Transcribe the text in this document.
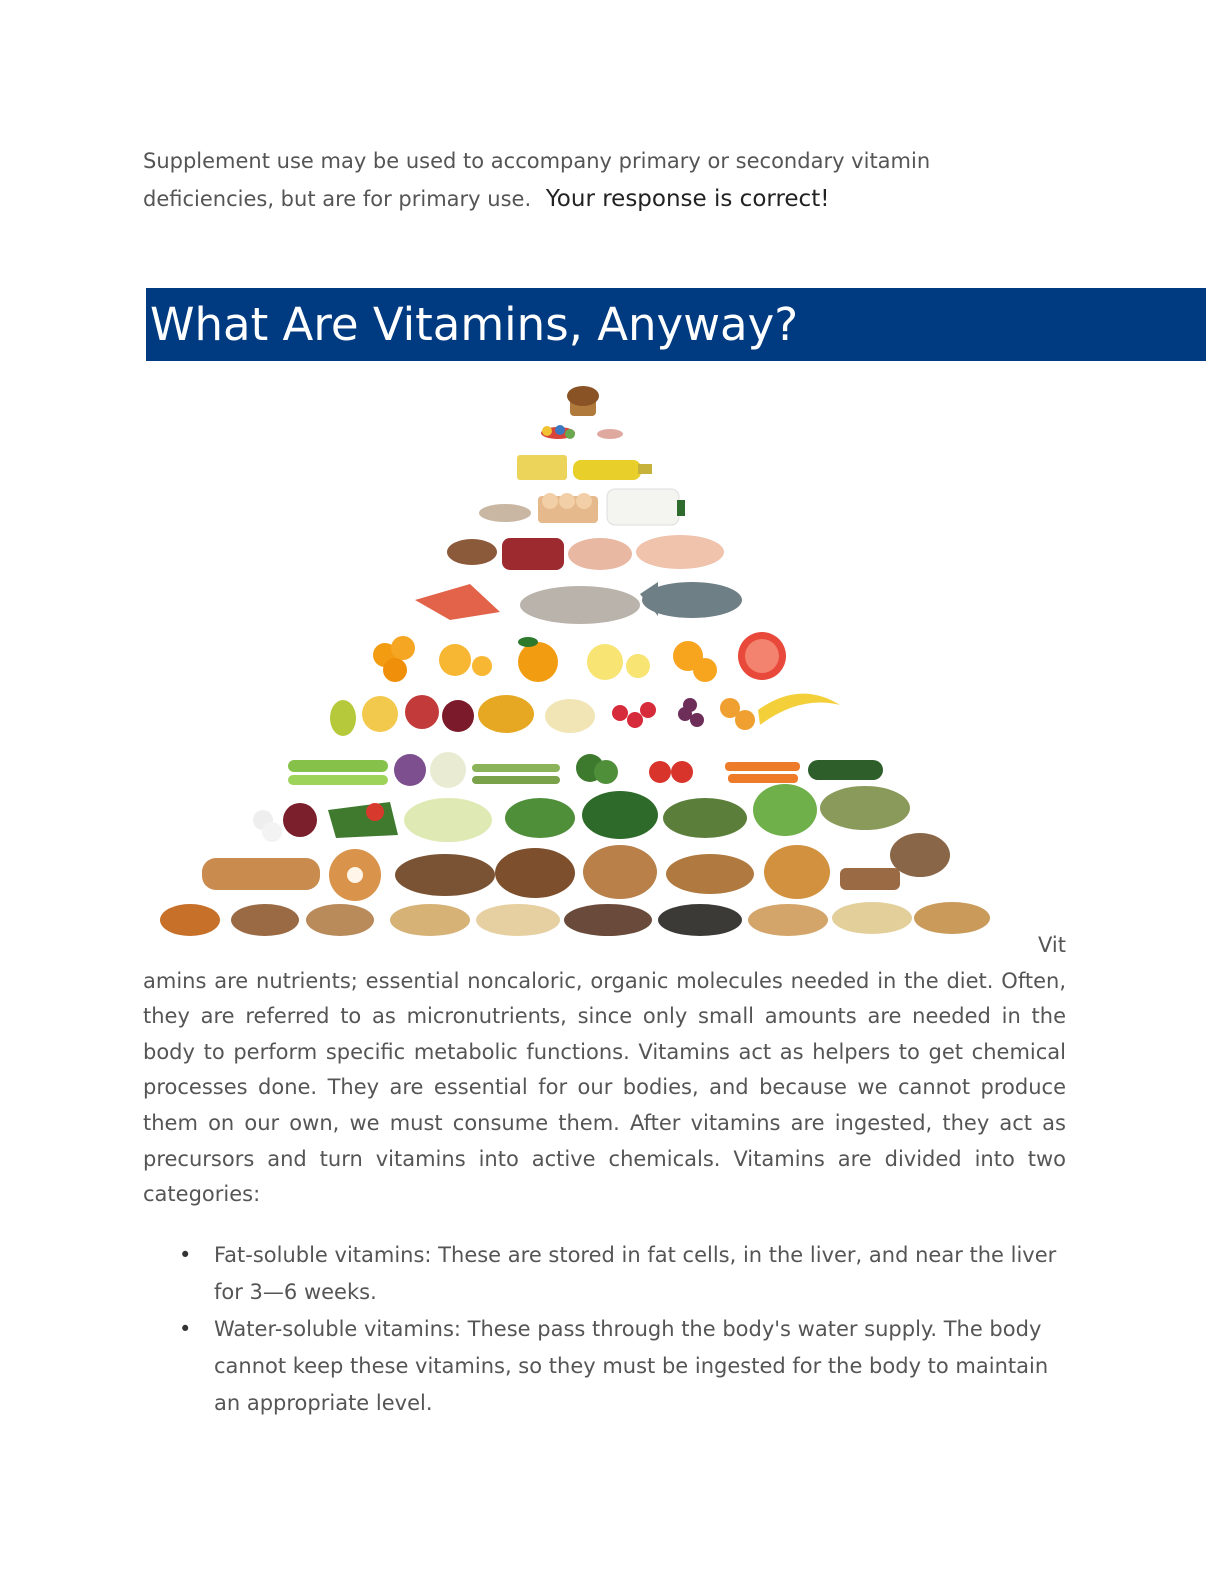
Supplement use may be used to accompany primary or secondary vitamin deficiencies, but are for primary use. Your response is correct!
What Are Vitamins, Anyway?

Vit

amins are nutrients; essential noncaloric, organic molecules needed in the diet. Often, they are referred to as micronutrients, since only small amounts are needed in the body to perform specific metabolic functions. Vitamins act as helpers to get chemical processes done. They are essential for our bodies, and because we cannot produce them on our own, we must consume them. After vitamins are ingested, they act as precursors and turn vitamins into active chemicals. Vitamins are divided into two categories:

• Fat-soluble vitamins: These are stored in fat cells, in the liver, and near the liver for 3—6 weeks.
• Water-soluble vitamins: These pass through the body's water supply. The body cannot keep these vitamins, so they must be ingested for the body to maintain an appropriate level.
